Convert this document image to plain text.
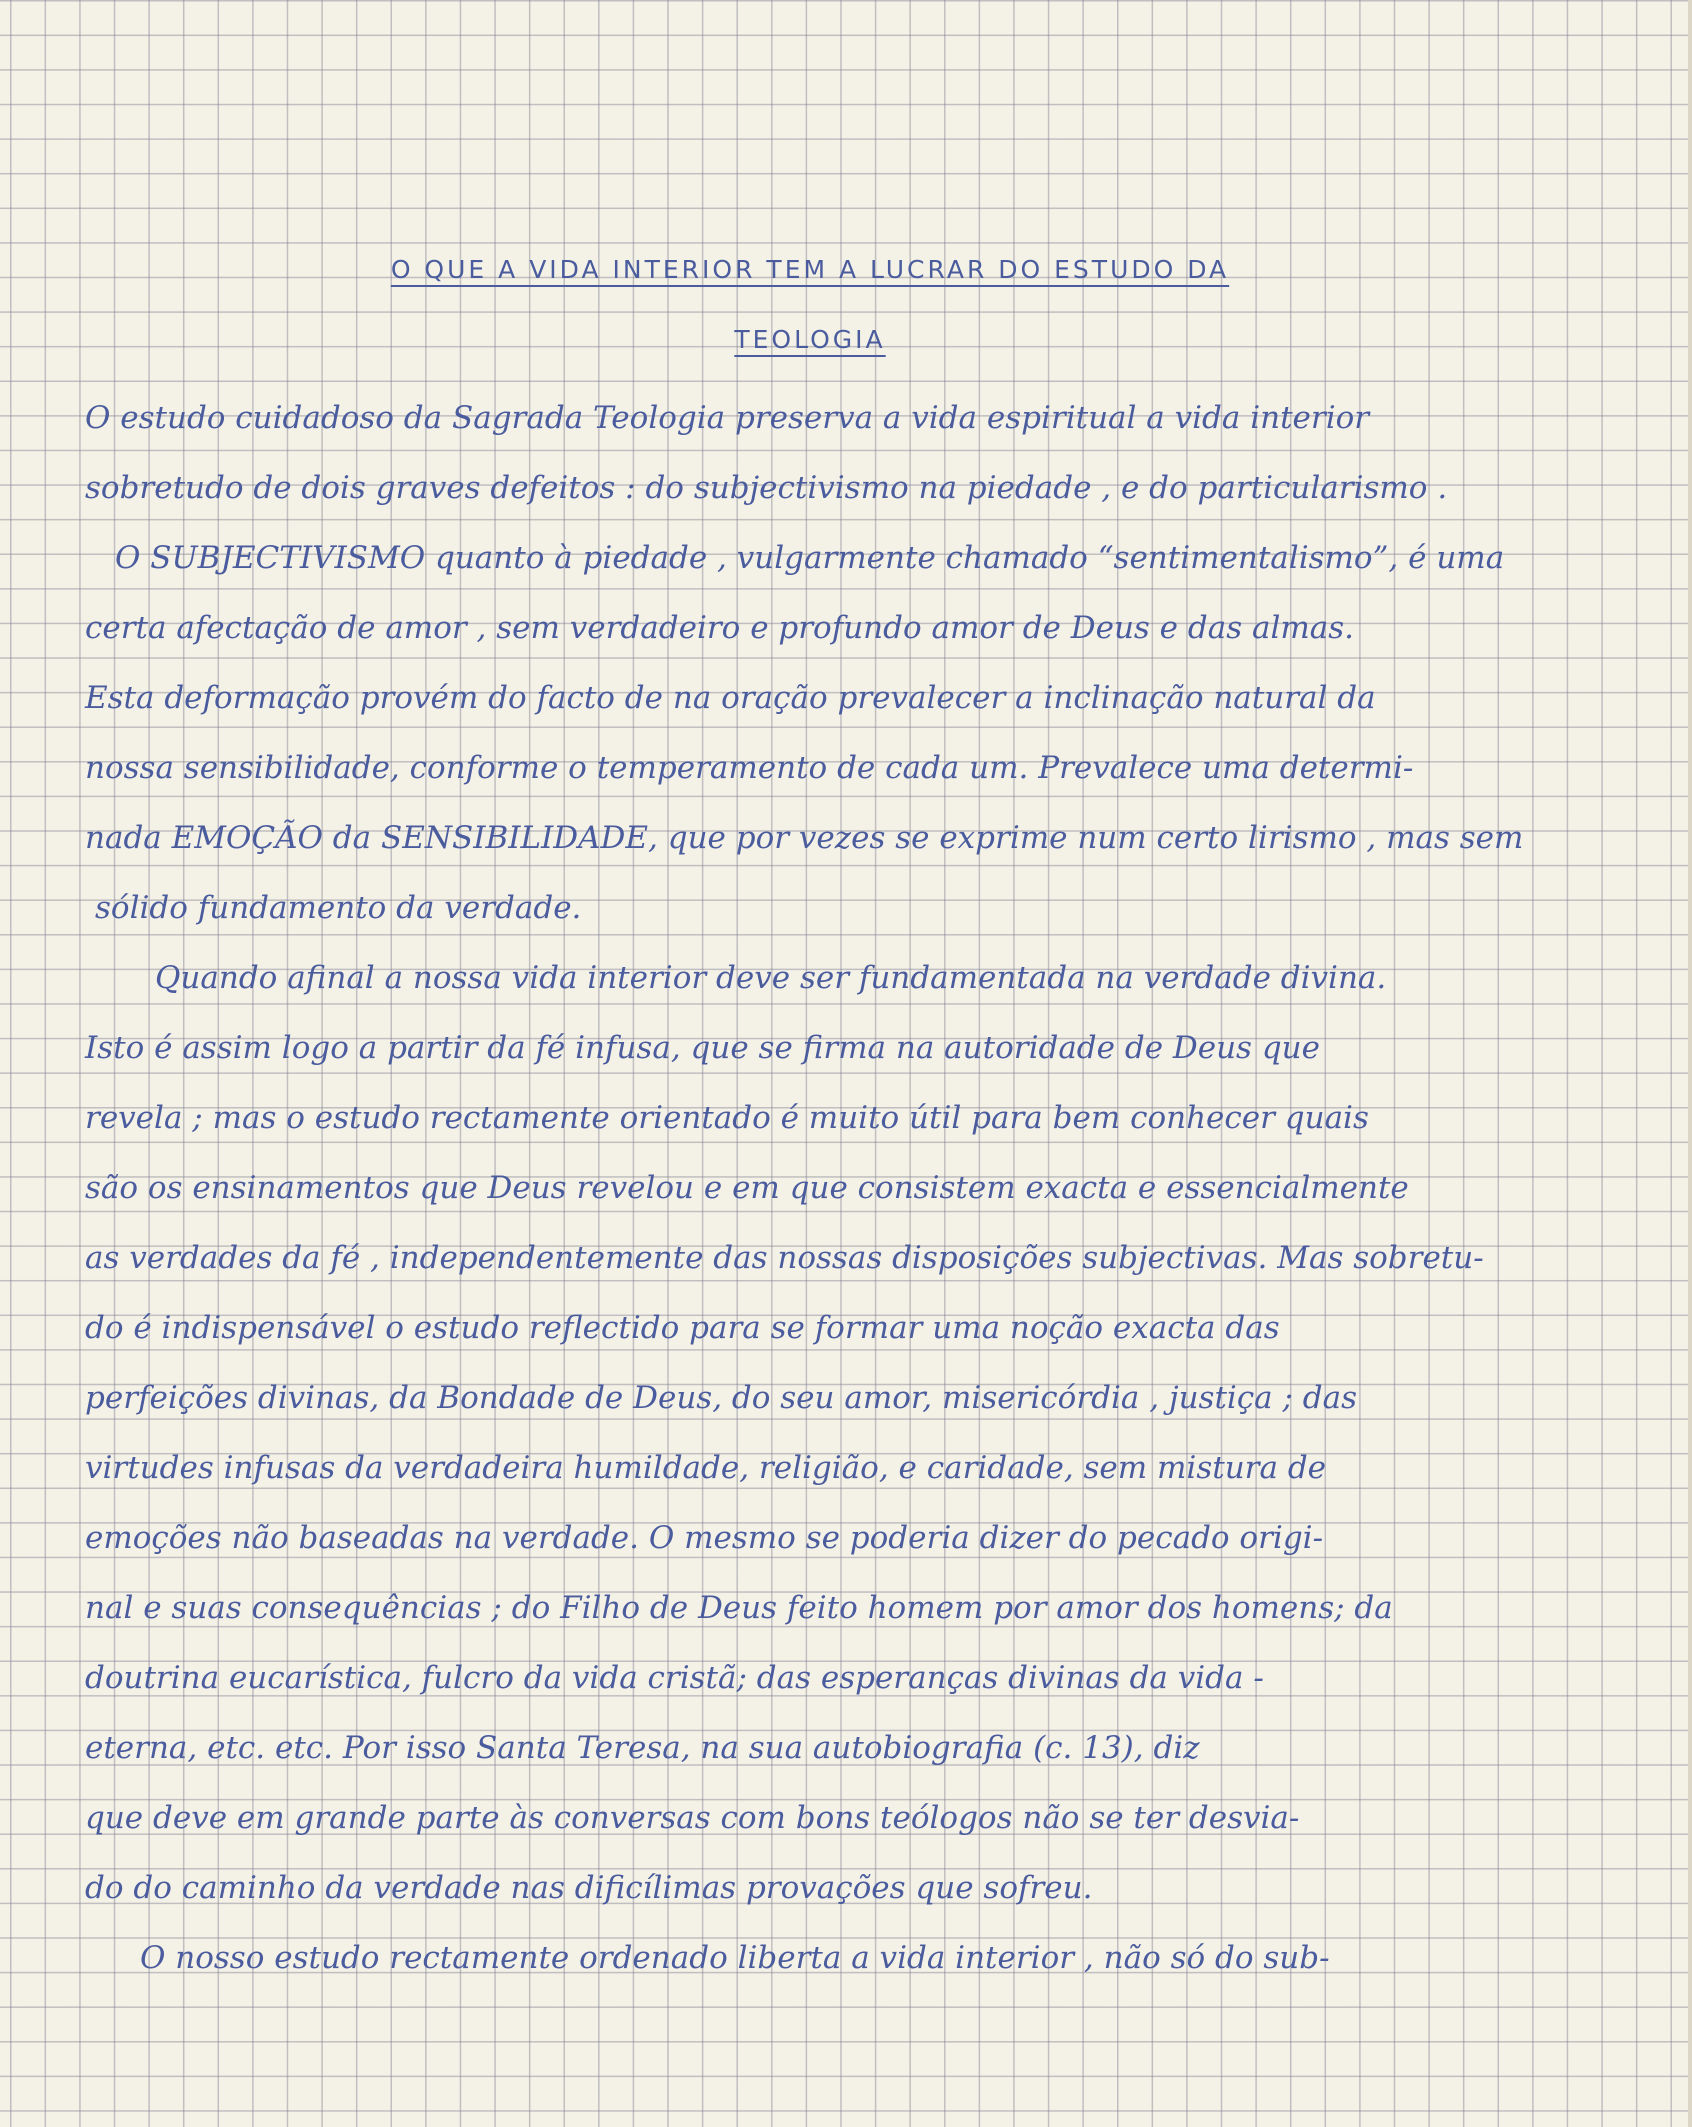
O QUE A VIDA INTERIOR TEM A LUCRAR DO ESTUDO DA
TEOLOGIA
O estudo cuidadoso da Sagrada Teologia preserva a vida espiritual a vida interior
sobretudo de dois graves defeitos : do subjectivismo na piedade , e do particularismo .
O SUBJECTIVISMO quanto à piedade , vulgarmente chamado “sentimentalismo”, é uma
certa afectação de amor , sem verdadeiro e profundo amor de Deus e das almas.
Esta deformação provém do facto de na oração prevalecer a inclinação natural da
nossa sensibilidade, conforme o temperamento de cada um. Prevalece uma determi-
nada EMOÇÃO da SENSIBILIDADE, que por vezes se exprime num certo lirismo , mas sem
sólido fundamento da verdade.
Quando afinal a nossa vida interior deve ser fundamentada na verdade divina.
Isto é assim logo a partir da fé infusa, que se firma na autoridade de Deus que
revela ; mas o estudo rectamente orientado é muito útil para bem conhecer quais
são os ensinamentos que Deus revelou e em que consistem exacta e essencialmente
as verdades da fé , independentemente das nossas disposições subjectivas. Mas sobretu-
do é indispensável o estudo reflectido para se formar uma noção exacta das
perfeições divinas, da Bondade de Deus, do seu amor, misericórdia , justiça ; das
virtudes infusas da verdadeira humildade, religião, e caridade, sem mistura de
emoções não baseadas na verdade. O mesmo se poderia dizer do pecado origi-
nal e suas consequências ; do Filho de Deus feito homem por amor dos homens; da
doutrina eucarística, fulcro da vida cristã; das esperanças divinas da vida -
eterna, etc. etc. Por isso Santa Teresa, na sua autobiografia (c. 13), diz
que deve em grande parte às conversas com bons teólogos não se ter desvia-
do do caminho da verdade nas dificílimas provações que sofreu.
O nosso estudo rectamente ordenado liberta a vida interior , não só do sub-
